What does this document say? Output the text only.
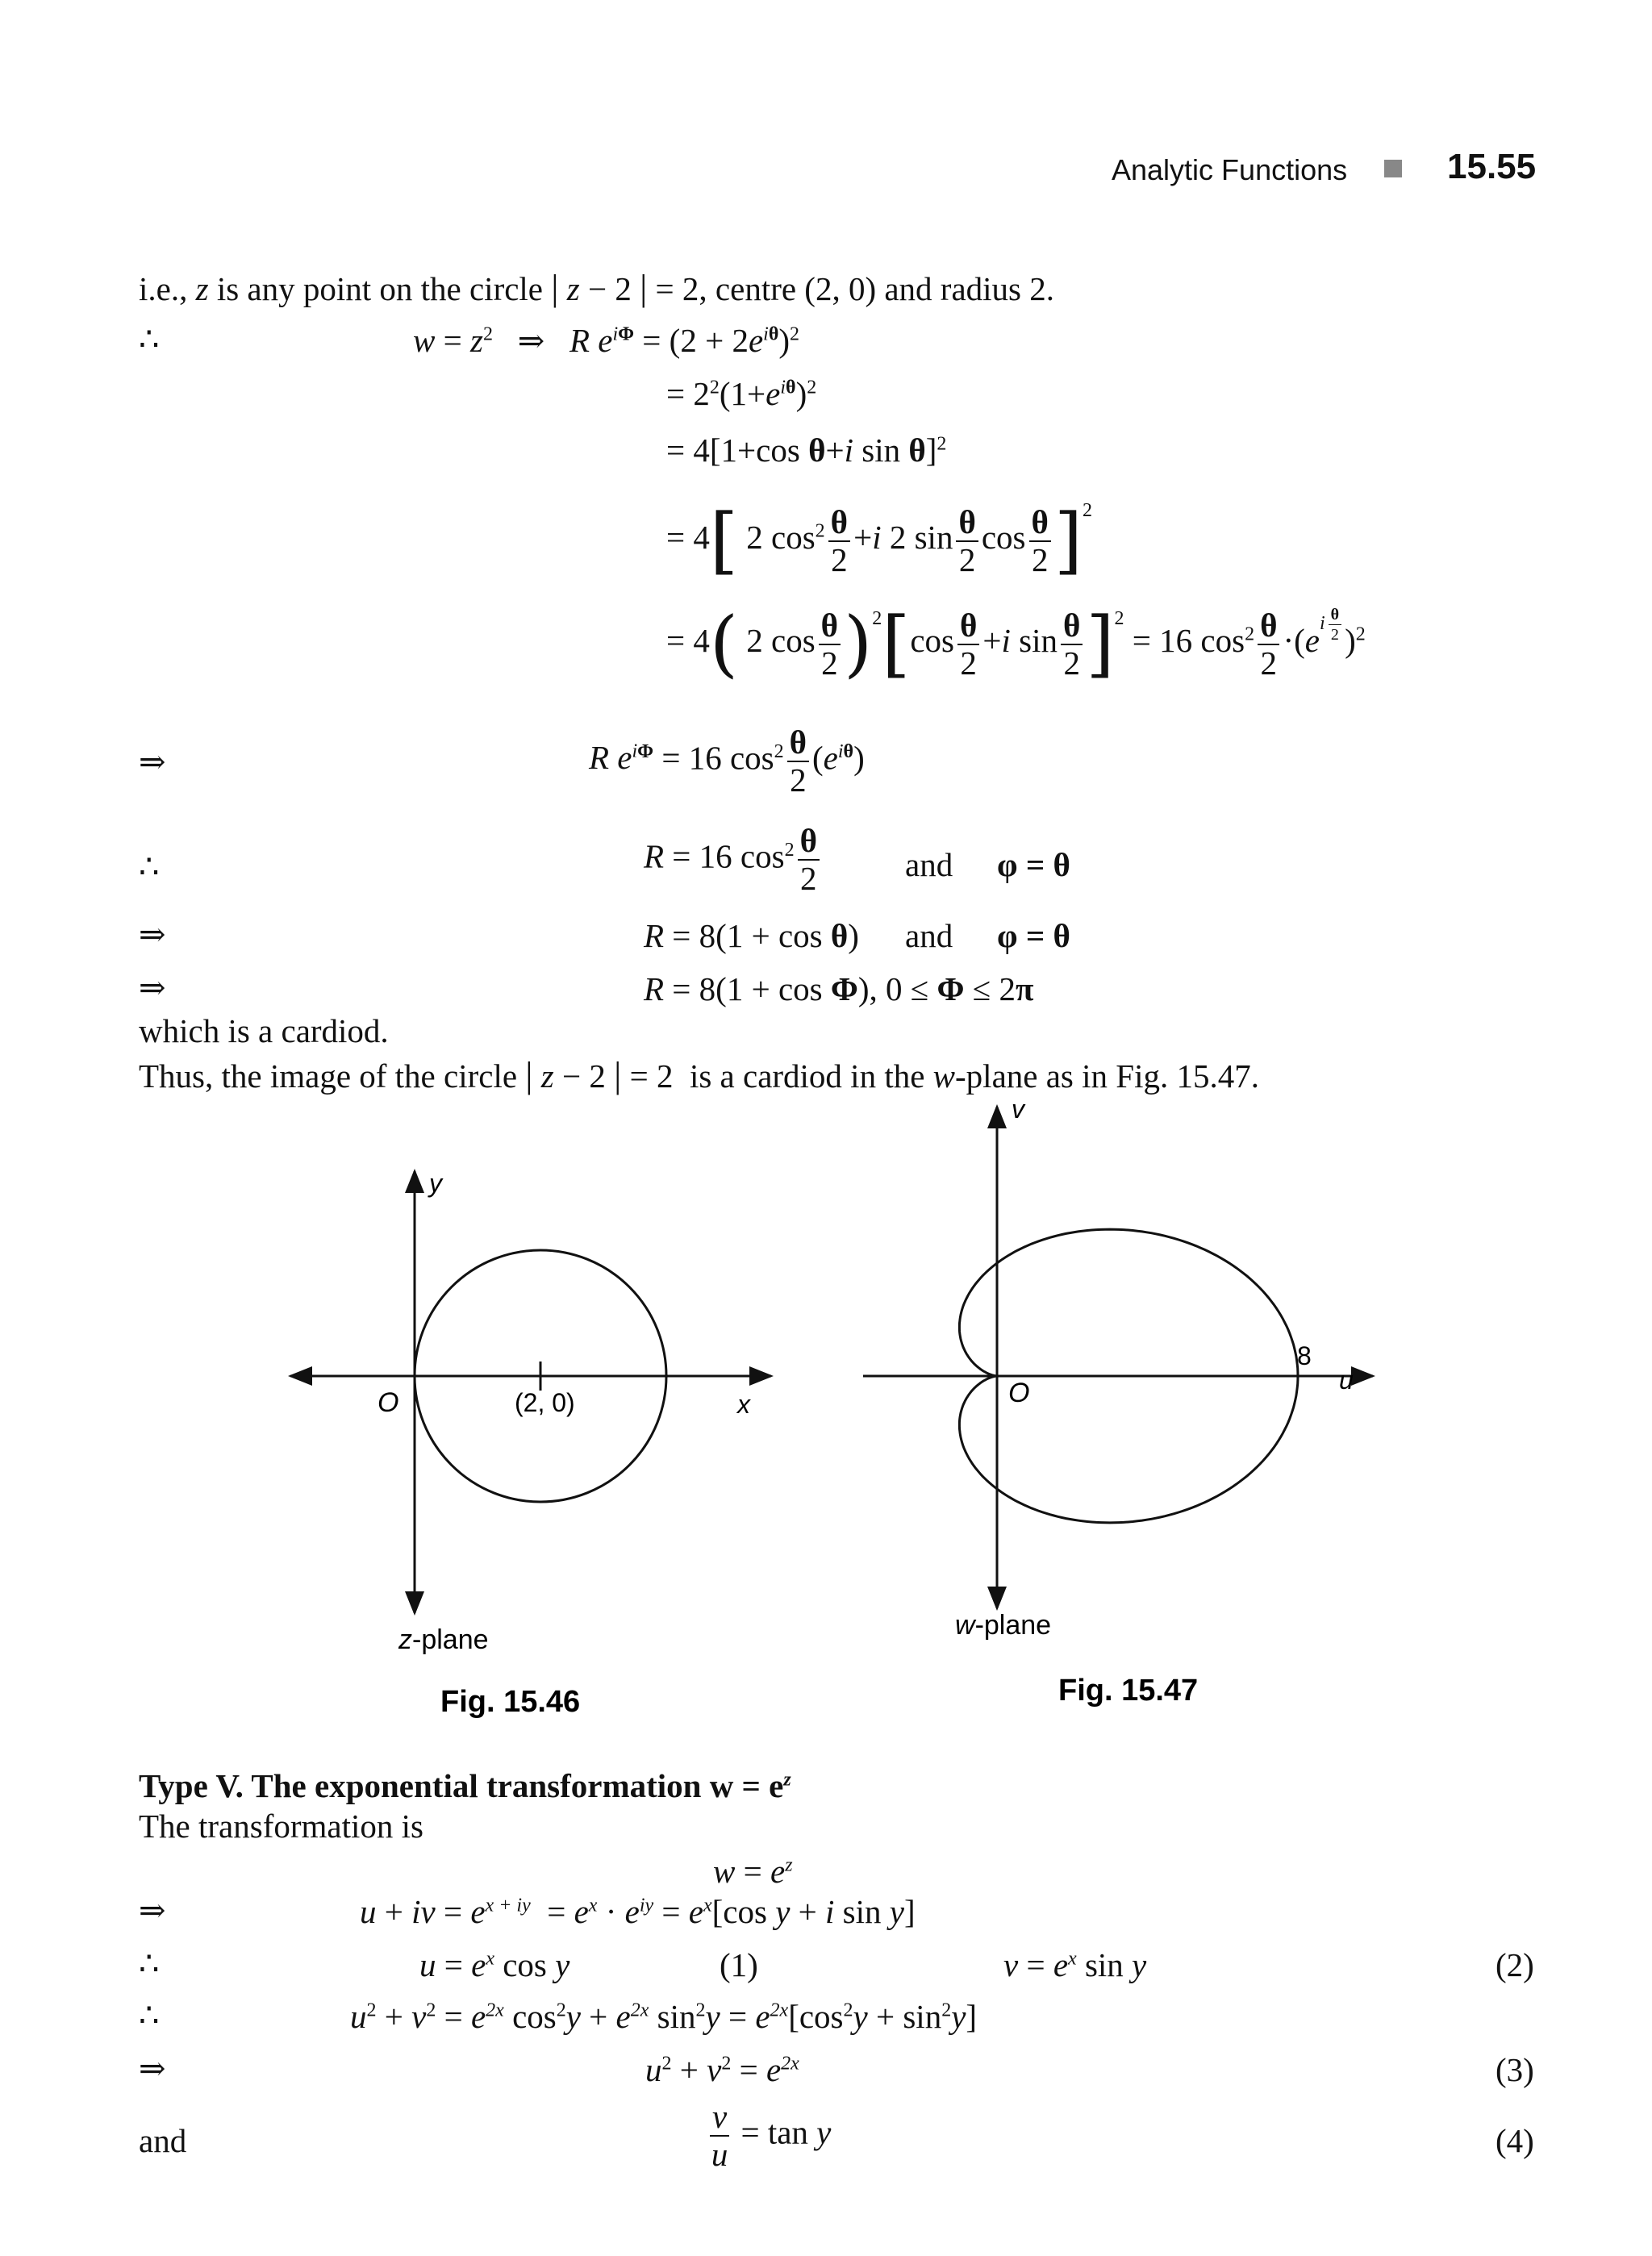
Analytic Functions	15.55
i.e., z is any point on the circle | z − 2 | = 2, centre (2, 0) and radius 2.
∴	$w = z^2$ ⇒ R $e^{i\Phi} = (2 + 2e^{i\theta})^2$
= $2^2(1+e^{i\theta})^2$
= 4[1+cos θ+i sin θ]$^2$
= 4[ 2 $\cos^2 \frac{\theta}{2} +i$ 2 $\sin \frac{\theta}{2}$ $\cos \frac{\theta}{2} ]^2$
= 4( 2 $\cos \frac{\theta}{2} )^2[\cos \frac{\theta}{2} +i$ $\sin \frac{\theta}{2} ]^2 = 16$ $\cos^2 \frac{\theta}{2} \cdot(e^{i \frac{\theta}{2}}$ )$^2$
⇒	R $e^{i\Phi} = 16$ $\cos^2 \frac{\theta}{2} (e^{i\theta})$
∴	R = 16 $\cos^2 \frac{\theta}{2}$	and φ = θ
⇒	R = 8(1 + cos θ) and φ = θ
⇒	R = 8(1 + cos Φ), 0 ≤ Φ ≤ 2π
which is a cardiod.
Thus, the image of the circle | z − 2 | = 2  is a cardiod in the w-plane as in Fig. 15.47.
y
x
O	(2, 0)
z-plane
Fig. 15.46
v
u
O
8
w-plane
Fig. 15.47
Type V. The exponential transformation $w = e^z$
The transformation is
$w = e^z$
⇒	u + iv = $e^{x + iy} = e^x \cdot e^{iy} = e^x[\cos$ y + i sin y]
∴	$u = e^x$ cos y	(1)	$v = e^x$ sin y	(2)
∴	$u^2 + v^2 = e^{2x}$ $\cos^2y + e^{2x}$ $\sin^2y = e^{2x}[\cos^2y + \sin^2y]$
⇒	$u^2 + v^2 = e^{2x}$	(3)
and	$\frac{v}{u} = \tan y$	(4)
